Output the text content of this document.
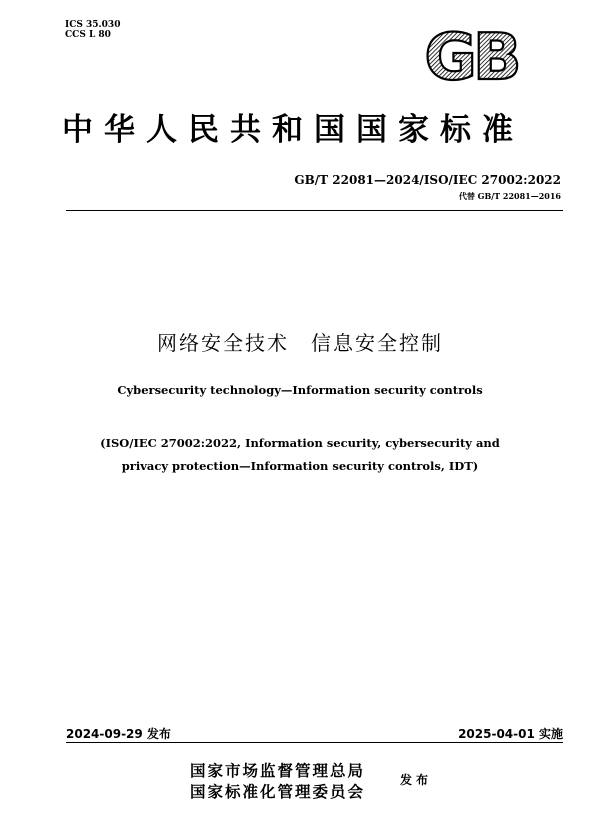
ICS 35.030
CCS L 80	GB
中华人民共和国国家标准
GB/T 22081—2024/ISO/IEC 27002:2022
代替 GB/T 22081—2016
网络安全技术　信息安全控制
Cybersecurity technology—Information security controls
(ISO/IEC 27002:2022, Information security, cybersecurity and
privacy protection—Information security controls, IDT)
2024-09-29 发布	2025-04-01 实施
国家市场监督管理总局
国家标准化管理委员会
发布
